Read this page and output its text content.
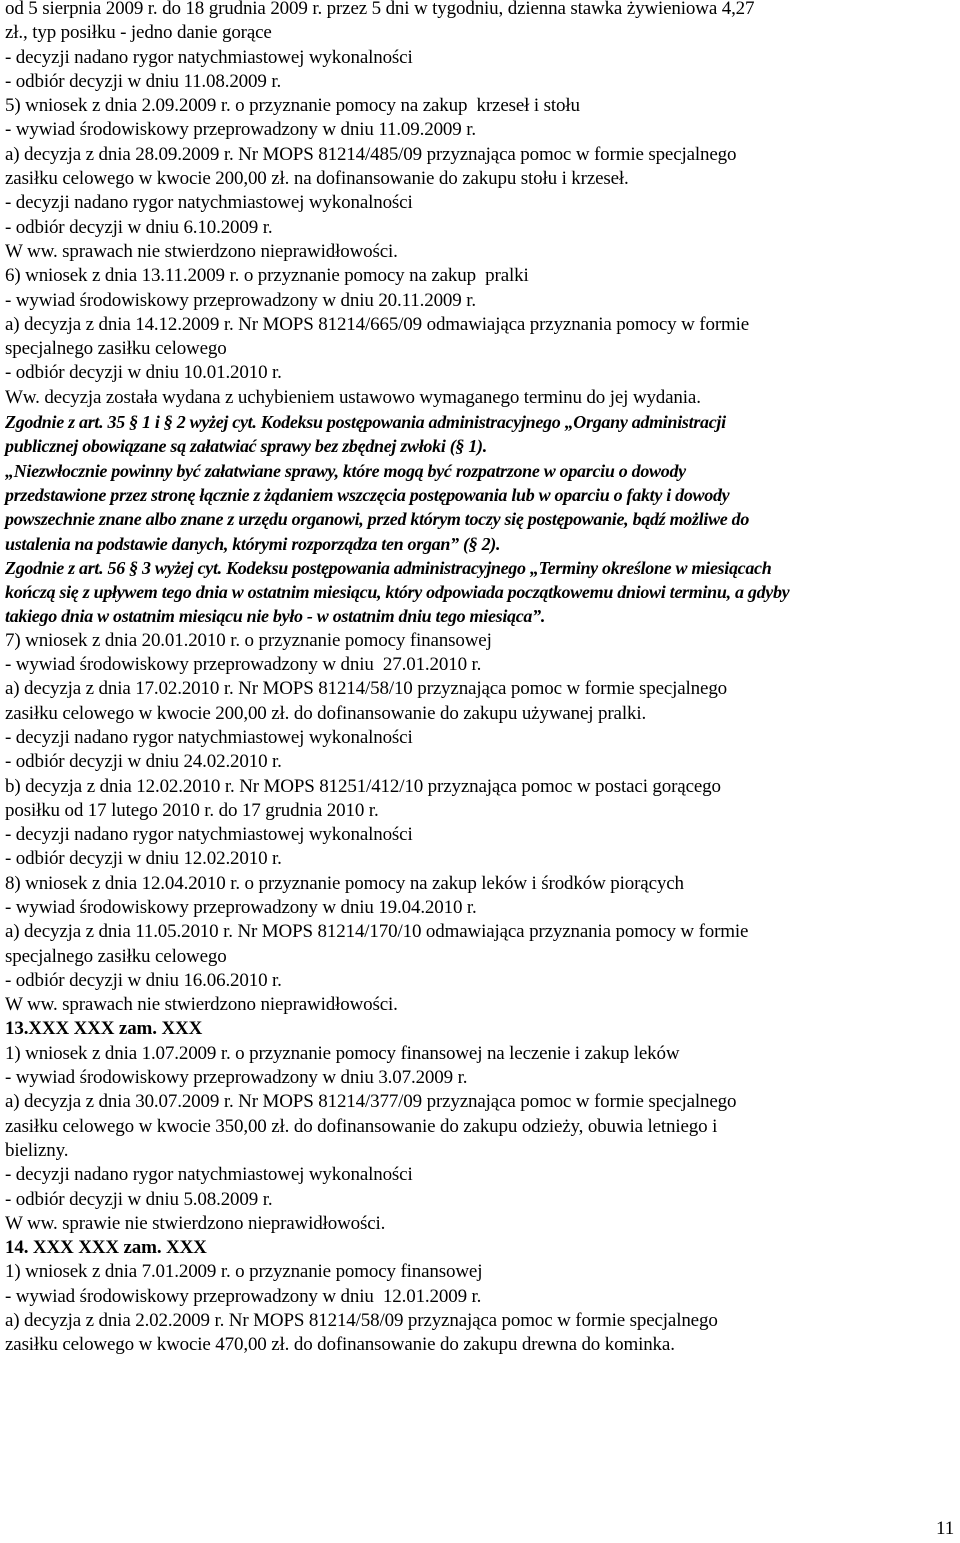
od 5 sierpnia 2009 r. do 18 grudnia 2009 r. przez 5 dni w tygodniu, dzienna stawka żywieniowa 4,27
zł., typ posiłku - jedno danie gorące
- decyzji nadano rygor natychmiastowej wykonalności
- odbiór decyzji w dniu 11.08.2009 r.
5) wniosek z dnia 2.09.2009 r. o przyznanie pomocy na zakup  krzeseł i stołu
- wywiad środowiskowy przeprowadzony w dniu 11.09.2009 r.
a) decyzja z dnia 28.09.2009 r. Nr MOPS 81214/485/09 przyznająca pomoc w formie specjalnego
zasiłku celowego w kwocie 200,00 zł. na dofinansowanie do zakupu stołu i krzeseł.
- decyzji nadano rygor natychmiastowej wykonalności
- odbiór decyzji w dniu 6.10.2009 r.
W ww. sprawach nie stwierdzono nieprawidłowości.
6) wniosek z dnia 13.11.2009 r. o przyznanie pomocy na zakup  pralki
- wywiad środowiskowy przeprowadzony w dniu 20.11.2009 r.
a) decyzja z dnia 14.12.2009 r. Nr MOPS 81214/665/09 odmawiająca przyznania pomocy w formie
specjalnego zasiłku celowego
- odbiór decyzji w dniu 10.01.2010 r.
Ww. decyzja została wydana z uchybieniem ustawowo wymaganego terminu do jej wydania.
Zgodnie z art. 35 § 1 i § 2 wyżej cyt. Kodeksu postępowania administracyjnego „Organy administracji
publicznej obowiązane są załatwiać sprawy bez zbędnej zwłoki (§ 1).
„Niezwłocznie powinny być załatwiane sprawy, które mogą być rozpatrzone w oparciu o dowody
przedstawione przez stronę łącznie z żądaniem wszczęcia postępowania lub w oparciu o fakty i dowody
powszechnie znane albo znane z urzędu organowi, przed którym toczy się postępowanie, bądź możliwe do
ustalenia na podstawie danych, którymi rozporządza ten organ” (§ 2).
Zgodnie z art. 56 § 3 wyżej cyt. Kodeksu postępowania administracyjnego „Terminy określone w miesiącach
kończą się z upływem tego dnia w ostatnim miesiącu, który odpowiada początkowemu dniowi terminu, a gdyby
takiego dnia w ostatnim miesiącu nie było - w ostatnim dniu tego miesiąca”.
7) wniosek z dnia 20.01.2010 r. o przyznanie pomocy finansowej
- wywiad środowiskowy przeprowadzony w dniu  27.01.2010 r.
a) decyzja z dnia 17.02.2010 r. Nr MOPS 81214/58/10 przyznająca pomoc w formie specjalnego
zasiłku celowego w kwocie 200,00 zł. do dofinansowanie do zakupu używanej pralki.
- decyzji nadano rygor natychmiastowej wykonalności
- odbiór decyzji w dniu 24.02.2010 r.
b) decyzja z dnia 12.02.2010 r. Nr MOPS 81251/412/10 przyznająca pomoc w postaci gorącego
posiłku od 17 lutego 2010 r. do 17 grudnia 2010 r.
- decyzji nadano rygor natychmiastowej wykonalności
- odbiór decyzji w dniu 12.02.2010 r.
8) wniosek z dnia 12.04.2010 r. o przyznanie pomocy na zakup leków i środków piorących
- wywiad środowiskowy przeprowadzony w dniu 19.04.2010 r.
a) decyzja z dnia 11.05.2010 r. Nr MOPS 81214/170/10 odmawiająca przyznania pomocy w formie
specjalnego zasiłku celowego
- odbiór decyzji w dniu 16.06.2010 r.
W ww. sprawach nie stwierdzono nieprawidłowości.
13.XXX XXX zam. XXX
1) wniosek z dnia 1.07.2009 r. o przyznanie pomocy finansowej na leczenie i zakup leków
- wywiad środowiskowy przeprowadzony w dniu 3.07.2009 r.
a) decyzja z dnia 30.07.2009 r. Nr MOPS 81214/377/09 przyznająca pomoc w formie specjalnego
zasiłku celowego w kwocie 350,00 zł. do dofinansowanie do zakupu odzieży, obuwia letniego i
bielizny.
- decyzji nadano rygor natychmiastowej wykonalności
- odbiór decyzji w dniu 5.08.2009 r.
W ww. sprawie nie stwierdzono nieprawidłowości.
14. XXX XXX zam. XXX
1) wniosek z dnia 7.01.2009 r. o przyznanie pomocy finansowej
- wywiad środowiskowy przeprowadzony w dniu  12.01.2009 r.
a) decyzja z dnia 2.02.2009 r. Nr MOPS 81214/58/09 przyznająca pomoc w formie specjalnego
zasiłku celowego w kwocie 470,00 zł. do dofinansowanie do zakupu drewna do kominka.
11
